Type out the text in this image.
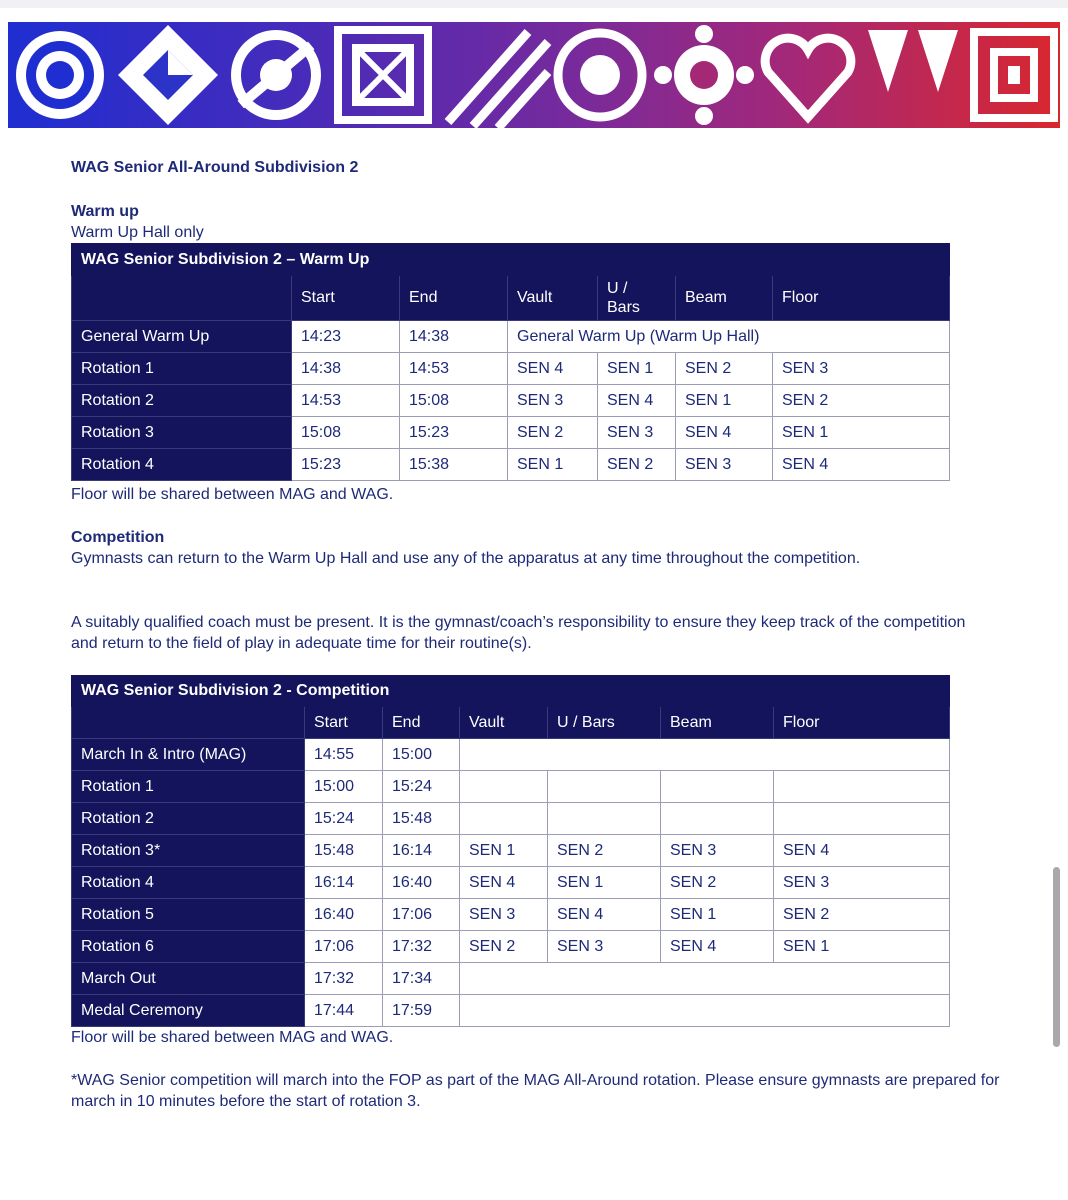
WAG Senior All-Around Subdivision 2

Warm up

Warm Up Hall only

WAG Senior Subdivision 2 – Warm Up						
	Start	End	Vault	U / Bars	Beam	Floor
General Warm Up	14:23	14:38	General Warm Up (Warm Up Hall)			
Rotation 1	14:38	14:53	SEN 4	SEN 1	SEN 2	SEN 3
Rotation 2	14:53	15:08	SEN 3	SEN 4	SEN 1	SEN 2
Rotation 3	15:08	15:23	SEN 2	SEN 3	SEN 4	SEN 1
Rotation 4	15:23	15:38	SEN 1	SEN 2	SEN 3	SEN 4

Floor will be shared between MAG and WAG.

Competition

Gymnasts can return to the Warm Up Hall and use any of the apparatus at any time throughout the competition.

A suitably qualified coach must be present. It is the gymnast/coach’s responsibility to ensure they keep track of the competition and return to the field of play in adequate time for their routine(s).

WAG Senior Subdivision 2 - Competition						
	Start	End	Vault	U / Bars	Beam	Floor
March In & Intro (MAG)	14:55	15:00				
Rotation 1	15:00	15:24				
Rotation 2	15:24	15:48				
Rotation 3*	15:48	16:14	SEN 1	SEN 2	SEN 3	SEN 4
Rotation 4	16:14	16:40	SEN 4	SEN 1	SEN 2	SEN 3
Rotation 5	16:40	17:06	SEN 3	SEN 4	SEN 1	SEN 2
Rotation 6	17:06	17:32	SEN 2	SEN 3	SEN 4	SEN 1
March Out	17:32	17:34				
Medal Ceremony	17:44	17:59				

Floor will be shared between MAG and WAG.

*WAG Senior competition will march into the FOP as part of the MAG All-Around rotation. Please ensure gymnasts are prepared for march in 10 minutes before the start of rotation 3.
